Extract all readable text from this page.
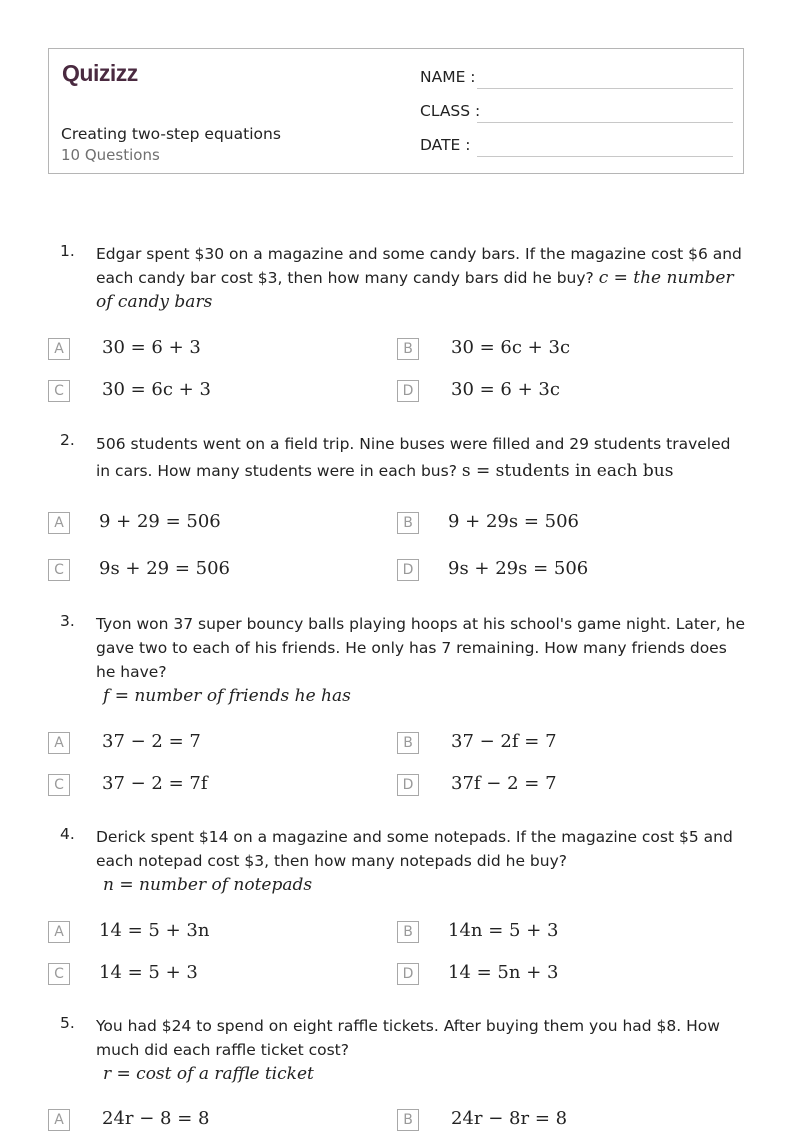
Quizizz
Creating two-step equations
10 Questions
NAME :
CLASS :
DATE :
1. Edgar spent $30 on a magazine and some candy bars. If the magazine cost $6 and each candy bar cost $3, then how many candy bars did he buy? c = the number of candy bars
A	30 = 6 + 3	B	30 = 6c + 3c
C	30 = 6c + 3	D	30 = 6 + 3c
2. 506 students went on a field trip. Nine buses were filled and 29 students traveled in cars. How many students were in each bus? s = students in each bus
A	9 + 29 = 506	B	9 + 29s = 506
C	9s + 29 = 506	D	9s + 29s = 506
3. Tyon won 37 super bouncy balls playing hoops at his school's game night. Later, he gave two to each of his friends. He only has 7 remaining. How many friends does he have?
f = number of friends he has
A	37 − 2 = 7	B	37 − 2f = 7
C	37 − 2 = 7f	D	37f − 2 = 7
4. Derick spent $14 on a magazine and some notepads. If the magazine cost $5 and each notepad cost $3, then how many notepads did he buy?
n = number of notepads
A	14 = 5 + 3n	B	14n = 5 + 3
C	14 = 5 + 3	D	14 = 5n + 3
5. You had $24 to spend on eight raffle tickets. After buying them you had $8. How much did each raffle ticket cost?
r = cost of a raffle ticket
A	24r − 8 = 8	B	24r − 8r = 8
